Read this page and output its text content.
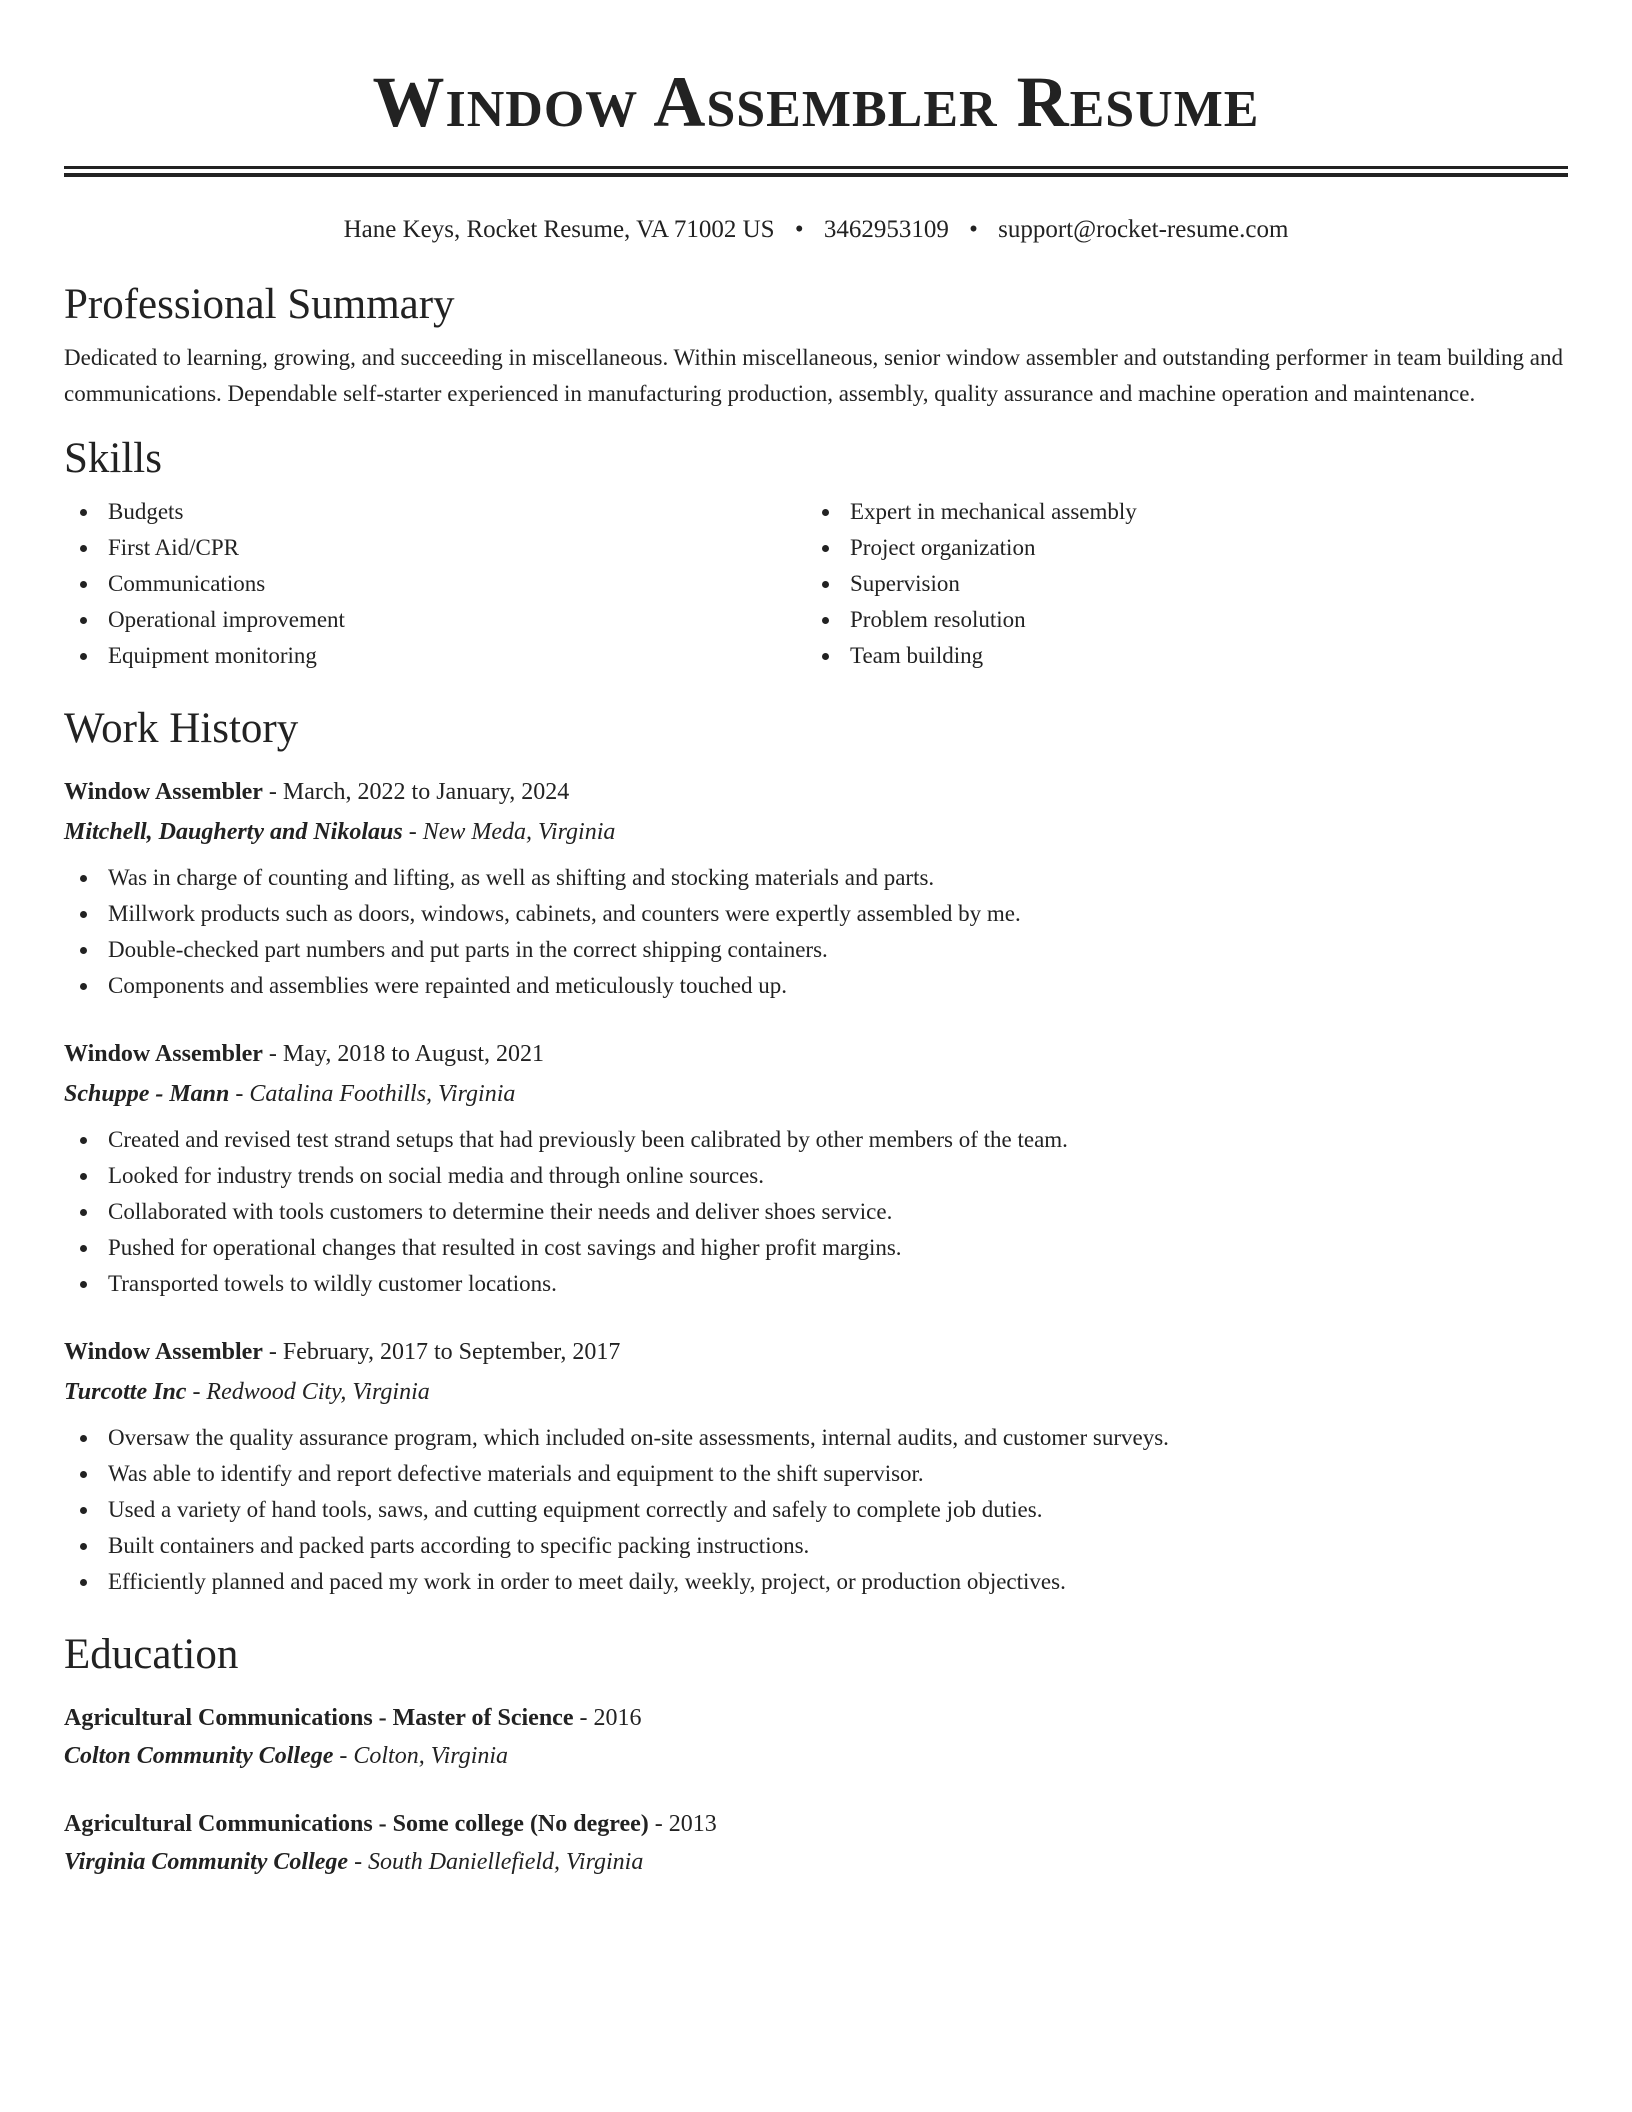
WINDOW ASSEMBLER RESUME
Hane Keys, Rocket Resume, VA 71002 US • 3462953109 • support@rocket-resume.com
Professional Summary

Dedicated to learning, growing, and succeeding in miscellaneous. Within miscellaneous, senior window assembler and outstanding performer in team building and communications. Dependable self-starter experienced in manufacturing production, assembly, quality assurance and machine operation and maintenance.

Skills
Budgets
First Aid/CPR
Communications
Operational improvement
Equipment monitoring
Expert in mechanical assembly
Project organization
Supervision
Problem resolution
Team building
Work History
Window Assembler - March, 2022 to January, 2024
Mitchell, Daugherty and Nikolaus - New Meda, Virginia
Was in charge of counting and lifting, as well as shifting and stocking materials and parts.
Millwork products such as doors, windows, cabinets, and counters were expertly assembled by me.
Double-checked part numbers and put parts in the correct shipping containers.
Components and assemblies were repainted and meticulously touched up.
Window Assembler - May, 2018 to August, 2021
Schuppe - Mann - Catalina Foothills, Virginia
Created and revised test strand setups that had previously been calibrated by other members of the team.
Looked for industry trends on social media and through online sources.
Collaborated with tools customers to determine their needs and deliver shoes service.
Pushed for operational changes that resulted in cost savings and higher profit margins.
Transported towels to wildly customer locations.
Window Assembler - February, 2017 to September, 2017
Turcotte Inc - Redwood City, Virginia
Oversaw the quality assurance program, which included on-site assessments, internal audits, and customer surveys.
Was able to identify and report defective materials and equipment to the shift supervisor.
Used a variety of hand tools, saws, and cutting equipment correctly and safely to complete job duties.
Built containers and packed parts according to specific packing instructions.
Efficiently planned and paced my work in order to meet daily, weekly, project, or production objectives.
Education
Agricultural Communications - Master of Science - 2016
Colton Community College - Colton, Virginia
Agricultural Communications - Some college (No degree) - 2013
Virginia Community College - South Daniellefield, Virginia
